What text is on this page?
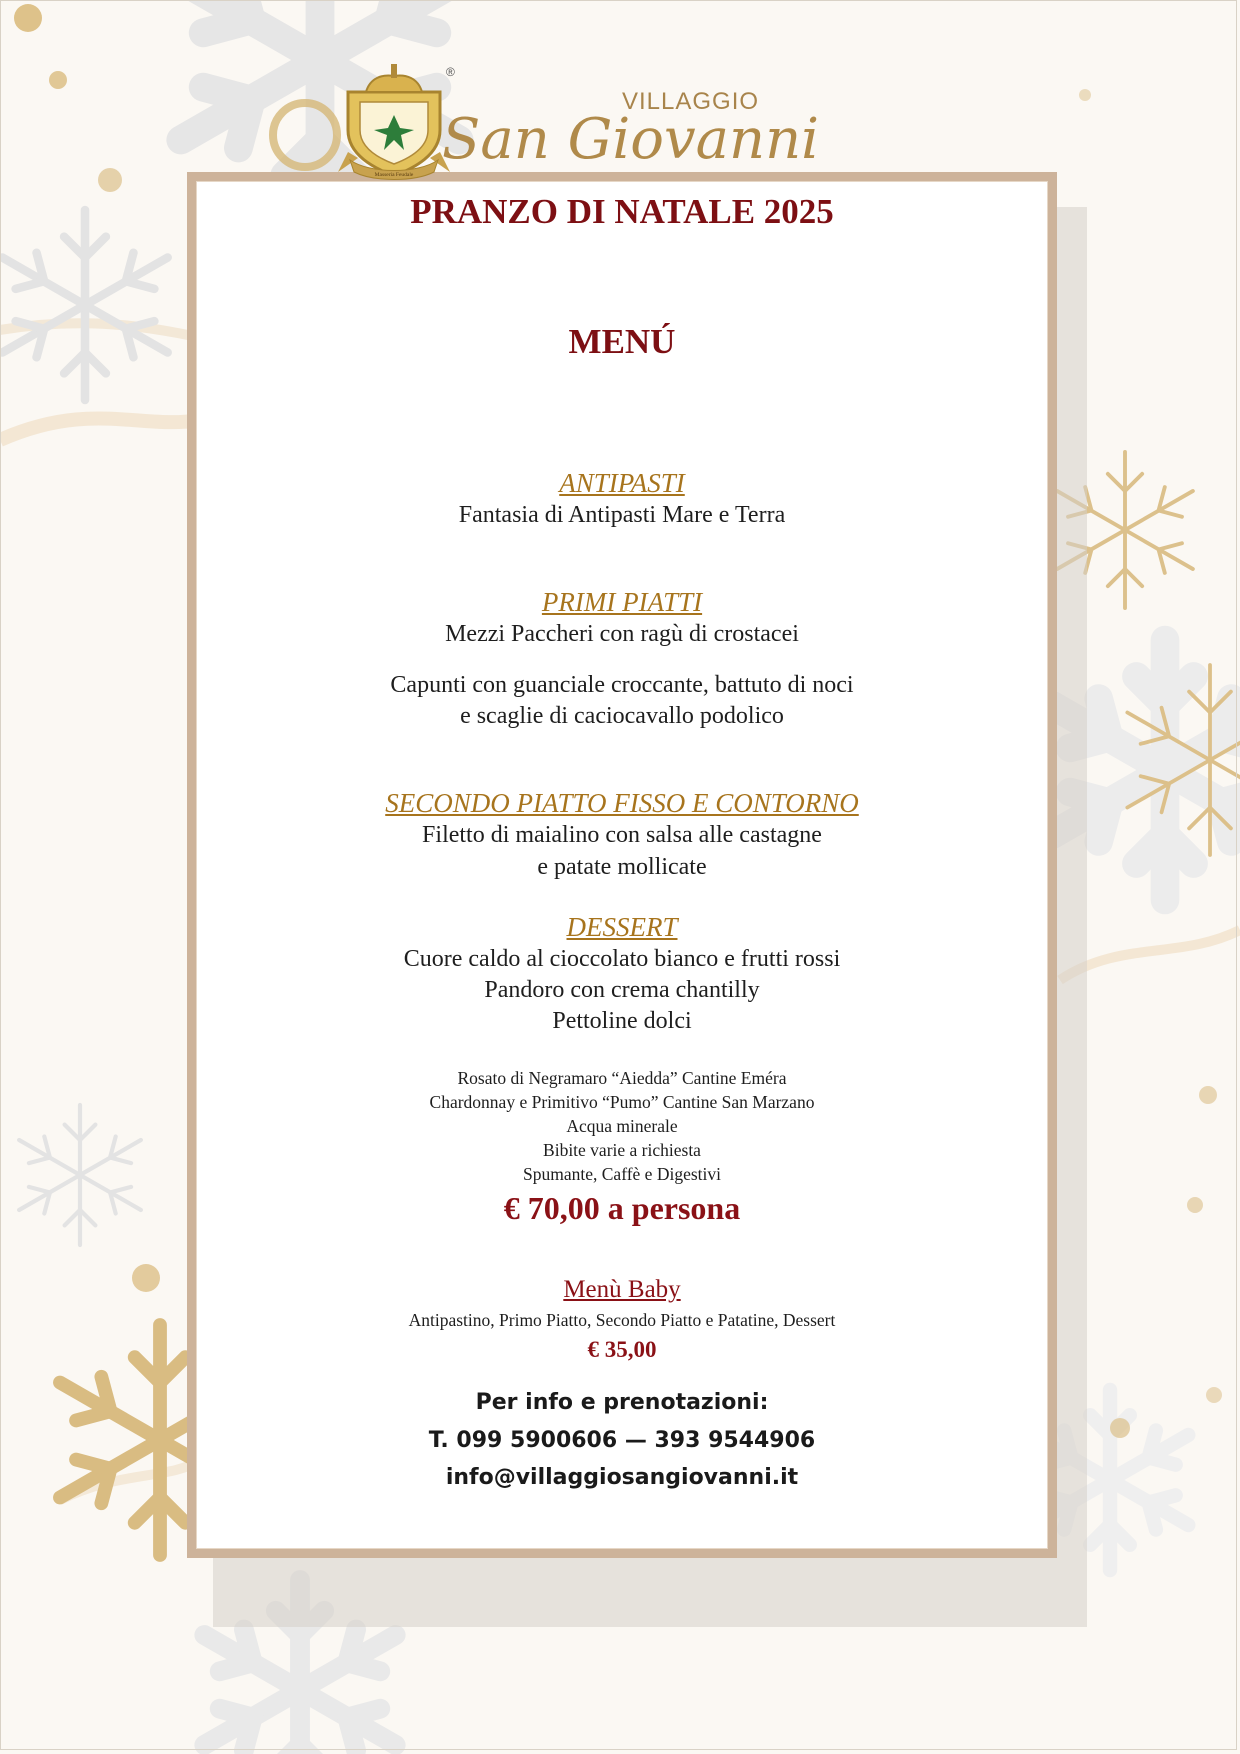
Masseria Feudale
®
VILLAGGIO
San Giovanni
PRANZO DI NATALE 2025
MENÚ
ANTIPASTI
Fantasia di Antipasti Mare e Terra
PRIMI PIATTI
Mezzi Paccheri con ragù di crostacei
Capunti con guanciale croccante, battuto di noci
e scaglie di caciocavallo podolico
SECONDO PIATTO FISSO E CONTORNO
Filetto di maialino con salsa alle castagne
e patate mollicate
DESSERT
Cuore caldo al cioccolato bianco e frutti rossi
Pandoro con crema chantilly
Pettoline dolci
Rosato di Negramaro “Aiedda” Cantine Eméra
Chardonnay e Primitivo “Pumo” Cantine San Marzano
Acqua minerale
Bibite varie a richiesta
Spumante, Caffè e Digestivi
€ 70,00 a persona
Menù Baby
Antipastino, Primo Piatto, Secondo Piatto e Patatine, Dessert
€ 35,00
Per info e prenotazioni:
T. 099 5900606 — 393 9544906
info@villaggiosangiovanni.it
